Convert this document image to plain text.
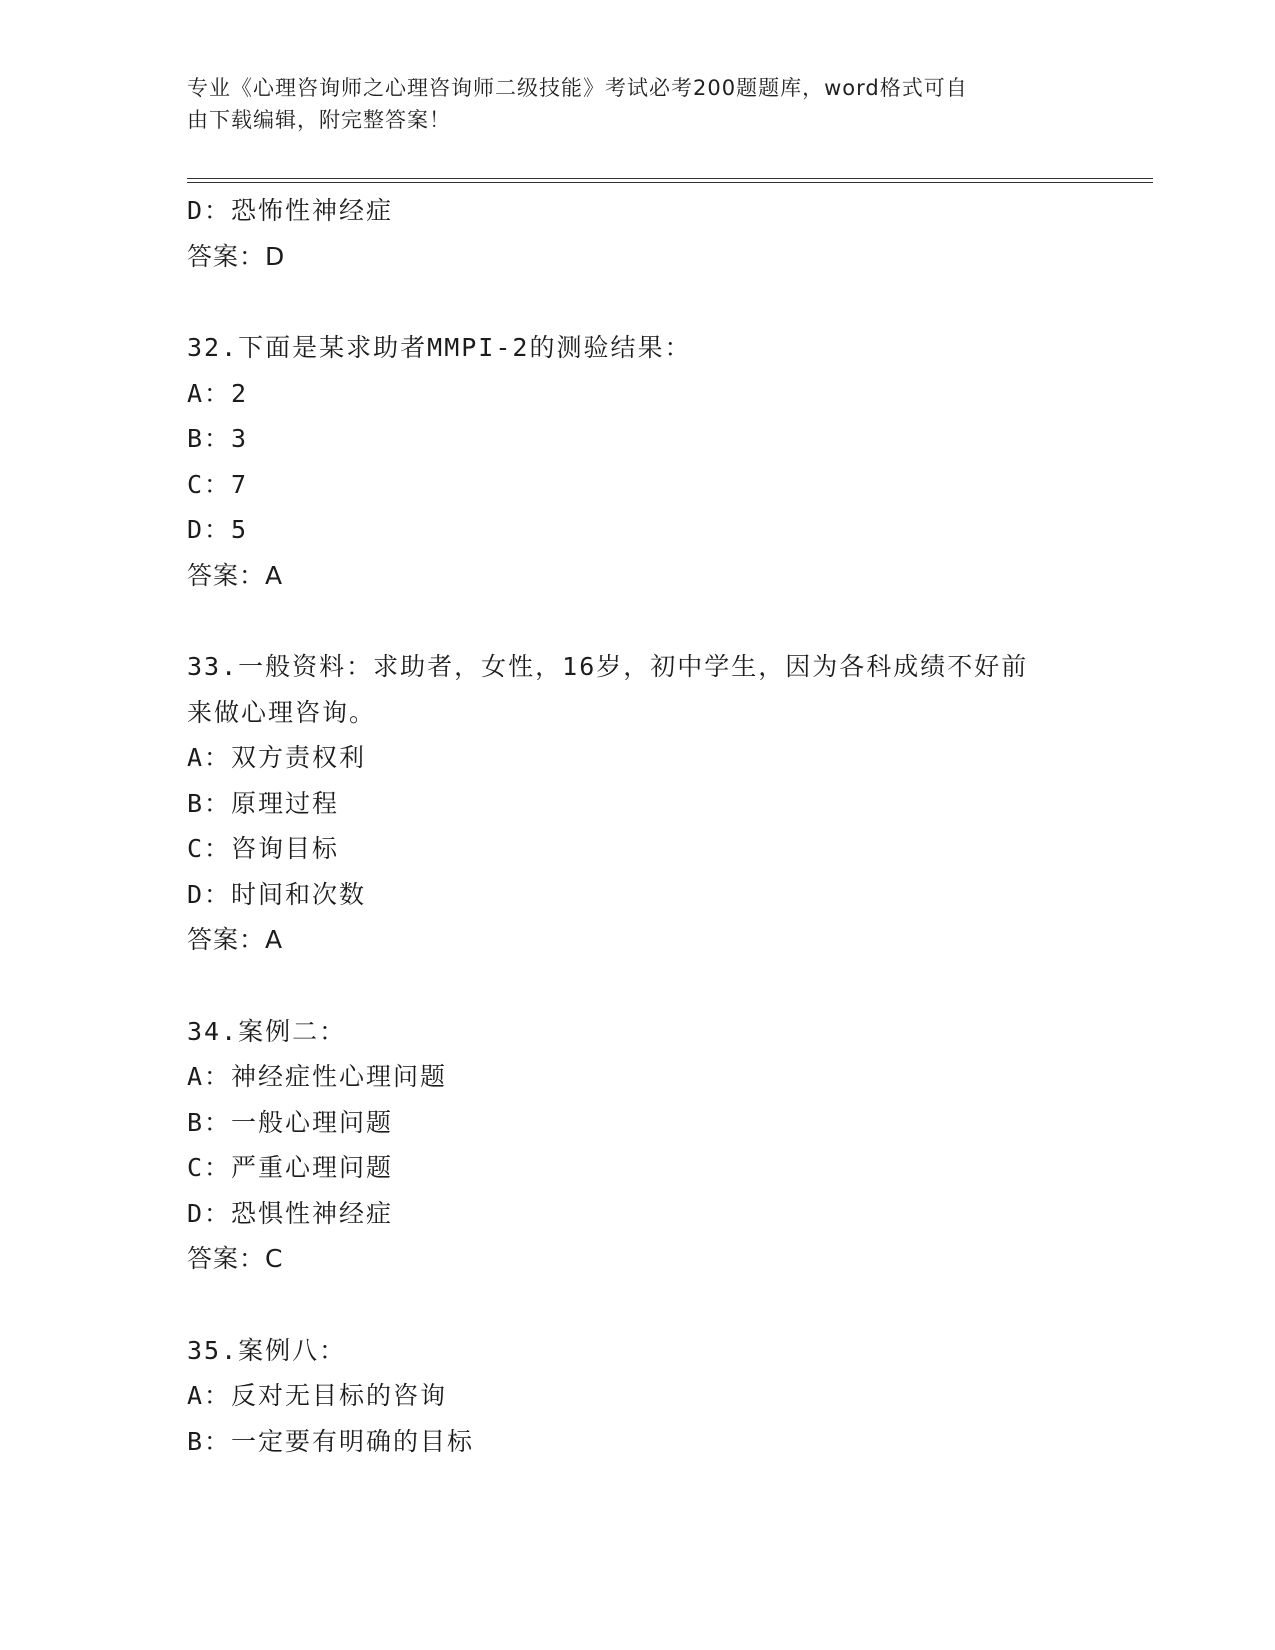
专业《心理咨询师之心理咨询师二级技能》考试必考200题题库，word格式可自
由下载编辑，附完整答案！
D：恐怖性神经症
答案：D
32.下面是某求助者MMPI-2的测验结果：
A：2
B：3
C：7
D：5
答案：A
33.一般资料：求助者，女性，16岁，初中学生，因为各科成绩不好前
来做心理咨询。
A：双方责权利
B：原理过程
C：咨询目标
D：时间和次数
答案：A
34.案例二：
A：神经症性心理问题
B：一般心理问题
C：严重心理问题
D：恐惧性神经症
答案：C
35.案例八：
A：反对无目标的咨询
B：一定要有明确的目标
